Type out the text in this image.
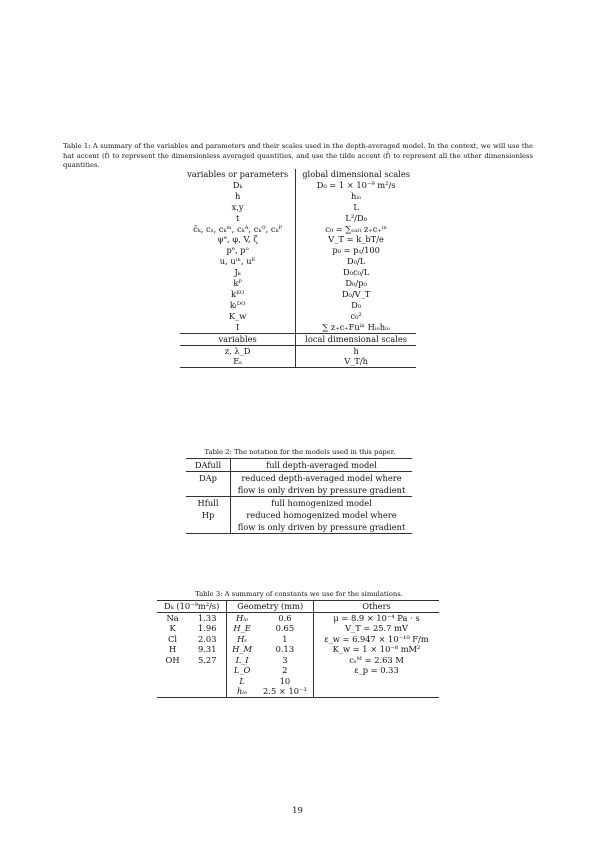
Table 1: A summary of the variables and parameters and their scales used in the depth-averaged model. In the context, we will use the hat accent (f̂) to represent the dimensionless averaged quantities, and use the tilde accent (f̃) to represent all the other dimensionless quantities.
variables or parameters	global dimensional scales
Dₖ	D₀ = 1 × 10⁻⁹ m²/s
h	hᵢₒ
x,y	L
t	L²/D₀
c̄ₖ, cₛ, cₖⁱⁿ, cₖᴬ, cₖᴼ, cₖᴾ	c₀ = ∑ₛₐₗₜ z₊c₊ⁱⁿ
ψᵉ, φ, V, ζ	V_T = k_bT/e
pᵉ, pᵒ	p₀ = pₛ/100
u, uⁱⁿ, uᴱ	D₀/L
Jₖ	D₀c₀/L
kᴾ	D₀/p₀
kᴱᴼ	D₀/V_T
kₗᴰᴼ	D₀
K_w	c₀²
I	∑ z₊c₊Fuⁱⁿ Hᵢₒhᵢₒ
variables	local dimensional scales
z, λ_D	h
Eₛ	V_T/h
Table 2: The notation for the models used in this paper.
DAfull	full depth-averaged model
DAp	reduced depth-averaged model where
	flow is only driven by pressure gradient
Hfull	full homogenized model
Hp	reduced homogenized model where
	flow is only driven by pressure gradient
Table 3: A summary of constants we use for the simulations.
Dₖ (10⁻⁹m²/s)		Geometry (mm)		Others
Na	1.33	Hᵢₒ	0.6	μ = 8.9 × 10⁻⁴ Pa · s
K	1.96	H_E	0.65	V_T = 25.7 mV
Cl	2.03	Hₛ	1	ε_w = 6.947 × 10⁻¹⁰ F/m
H	9.31	H_M	0.13	K_w = 1 × 10⁻⁸ mM²
OH	5.27	L_I	3	cₛᴹ = 2.63 M
		L_O	2	ε_p = 0.33
		L	10	
		hᵢₒ	2.5 × 10⁻³	
19
